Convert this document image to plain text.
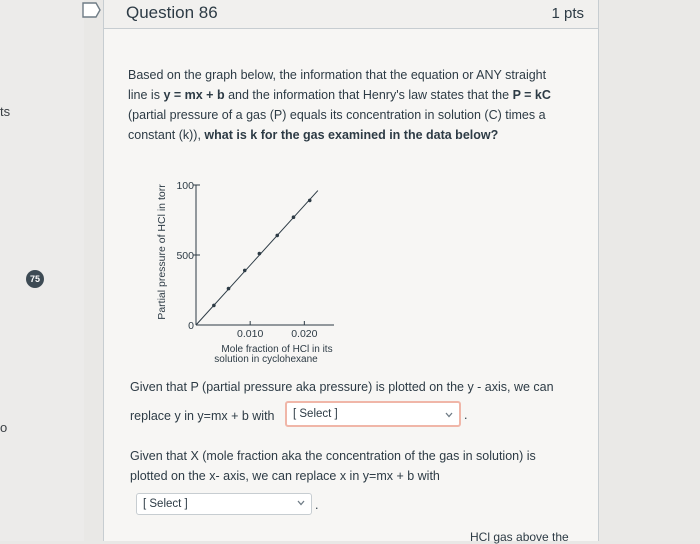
ts
75
o
Question 86	1 pts
Based on the graph below, the information that the equation or ANY straight line is y = mx + b and the information that Henry's law states that the P = kC (partial pressure of a gas (P) equals its concentration in solution (C) times a constant (k)), what is k for the gas examined in the data below?
Partial pressure of HCl in torr
Mole fraction of HCl in its
solution in cyclohexane
0
500
100
0.010	0.020
Given that P (partial pressure aka pressure) is plotted on the y - axis, we can
replace y in y=mx + b with [ Select ]	.
Given that X (mole fraction aka the concentration of the gas in solution) is
plotted on the x- axis, we can replace x in y=mx + b with
[ Select ]	.
HCl gas above the
